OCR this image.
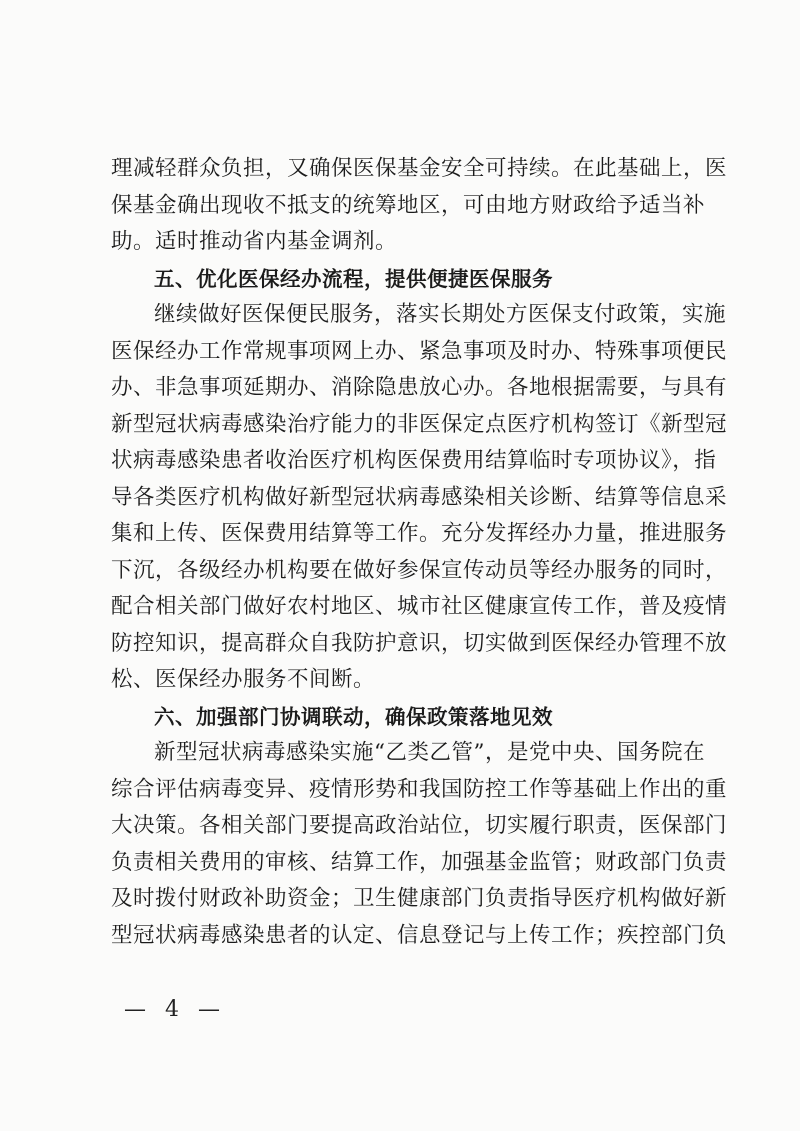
理减轻群众负担，又确保医保基金安全可持续。在此基础上，医
保基金确出现收不抵支的统筹地区，可由地方财政给予适当补
助。适时推动省内基金调剂。
五、优化医保经办流程，提供便捷医保服务
继续做好医保便民服务，落实长期处方医保支付政策，实施
医保经办工作常规事项网上办、紧急事项及时办、特殊事项便民
办、非急事项延期办、消除隐患放心办。各地根据需要，与具有
新型冠状病毒感染治疗能力的非医保定点医疗机构签订《新型冠
状病毒感染患者收治医疗机构医保费用结算临时专项协议》，指
导各类医疗机构做好新型冠状病毒感染相关诊断、结算等信息采
集和上传、医保费用结算等工作。充分发挥经办力量，推进服务
下沉，各级经办机构要在做好参保宣传动员等经办服务的同时，
配合相关部门做好农村地区、城市社区健康宣传工作，普及疫情
防控知识，提高群众自我防护意识，切实做到医保经办管理不放
松、医保经办服务不间断。
六、加强部门协调联动，确保政策落地见效
新型冠状病毒感染实施“乙类乙管”，是党中央、国务院在
综合评估病毒变异、疫情形势和我国防控工作等基础上作出的重
大决策。各相关部门要提高政治站位，切实履行职责，医保部门
负责相关费用的审核、结算工作，加强基金监管；财政部门负责
及时拨付财政补助资金；卫生健康部门负责指导医疗机构做好新
型冠状病毒感染患者的认定、信息登记与上传工作；疾控部门负
— 4 —
